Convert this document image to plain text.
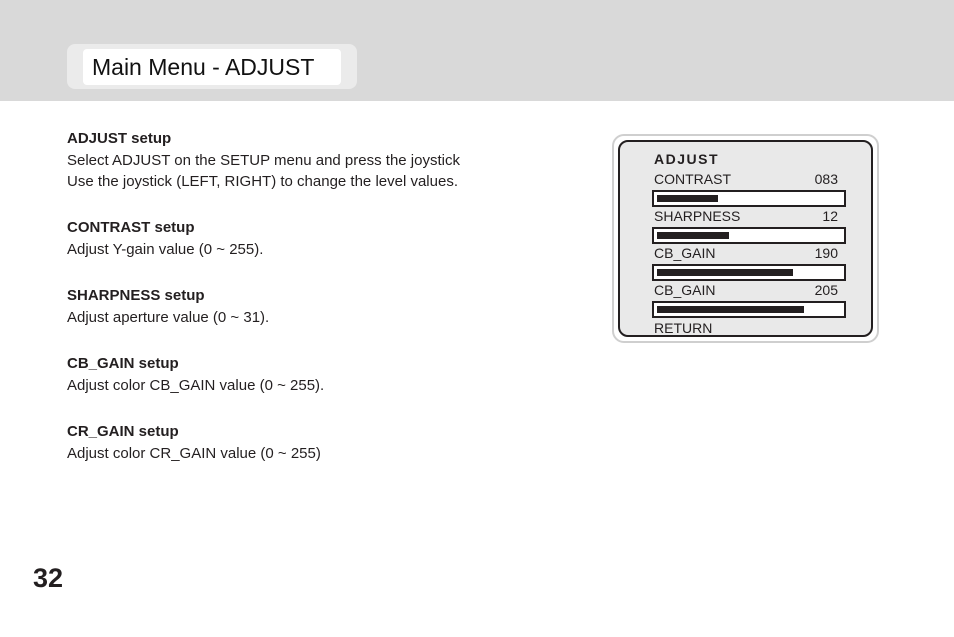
Main Menu - ADJUST
ADJUST setup

Select ADJUST on the SETUP menu and press the joystick

Use the joystick (LEFT, RIGHT) to change the level values.

CONTRAST setup

Adjust Y-gain value (0 ~ 255).

SHARPNESS setup

Adjust aperture value (0 ~ 31).

CB_GAIN setup

Adjust color CB_GAIN value (0 ~ 255).

CR_GAIN setup

Adjust color CR_GAIN value (0 ~ 255)

ADJUST
CONTRAST	083
SHARPNESS	12
CB_GAIN	190
CB_GAIN	205
RETURN
32
